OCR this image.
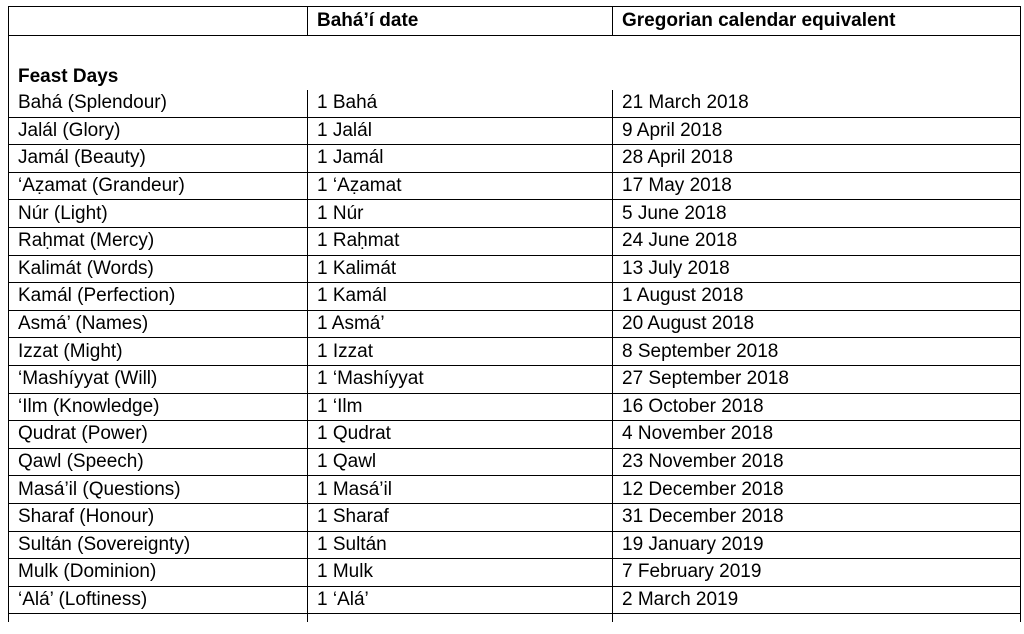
	Bahá’í date	Gregorian calendar equivalent
Feast Days		
Bahá (Splendour)	1 Bahá	21 March 2018
Jalál (Glory)	1 Jalál	9 April 2018
Jamál (Beauty)	1 Jamál	28 April 2018
‘Aẓamat (Grandeur)	1 ‘Aẓamat	17 May 2018
Núr (Light)	1 Núr	5 June 2018
Raḥmat (Mercy)	1 Raḥmat	24 June 2018
Kalimát (Words)	1 Kalimát	13 July 2018
Kamál (Perfection)	1 Kamál	1 August 2018
Asmá’ (Names)	1 Asmá’	20 August 2018
Izzat (Might)	1 Izzat	8 September 2018
‘Mashíyyat (Will)	1 ‘Mashíyyat	27 September 2018
‘Ilm (Knowledge)	1 ‘Ilm	16 October 2018
Qudrat (Power)	1 Qudrat	4 November 2018
Qawl (Speech)	1 Qawl	23 November 2018
Masá’il (Questions)	1 Masá’il	12 December 2018
Sharaf (Honour)	1 Sharaf	31 December 2018
Sultán (Sovereignty)	1 Sultán	19 January 2019
Mulk (Dominion)	1 Mulk	7 February 2019
‘Alá’ (Loftiness)	1 ‘Alá’	2 March 2019
